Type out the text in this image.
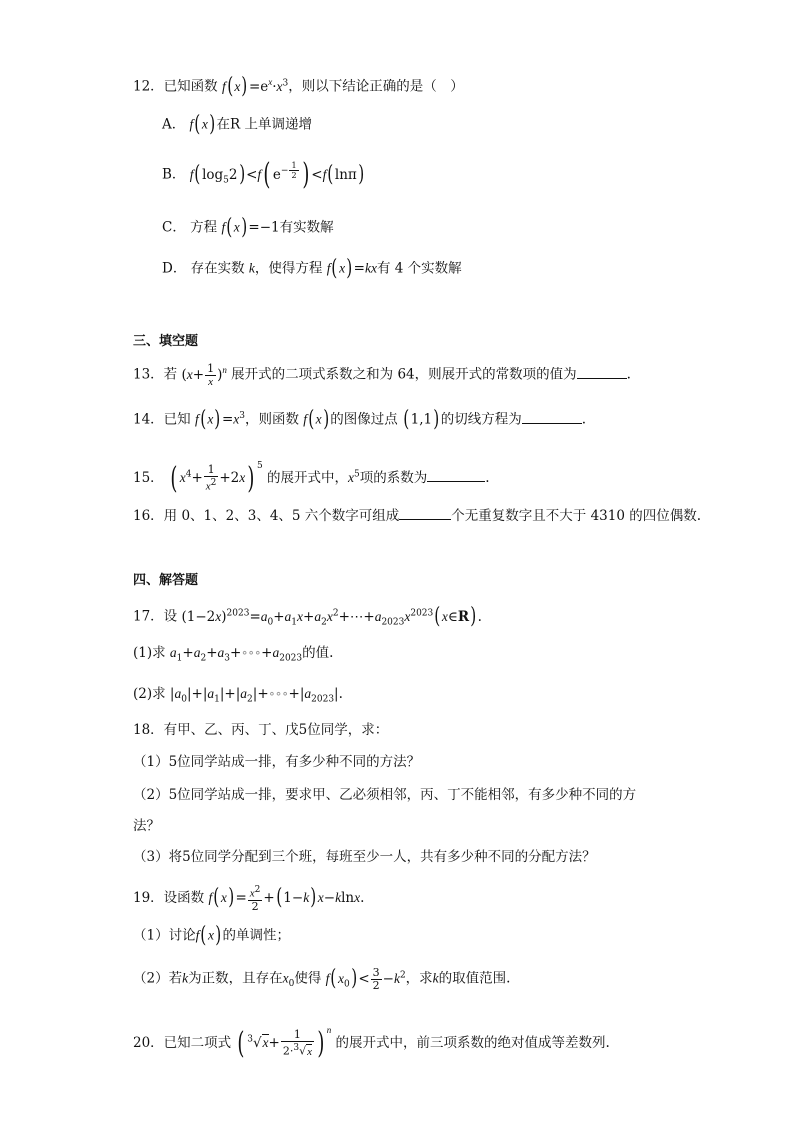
12．已知函数 $f(x)=e^x\cdot x^3$，则以下结论正确的是（　）
A． f(x)在R 上单调递增
B． $f(\log_52)<f$( $e^{- \frac{1}{2}}$ ) <f(lnπ)
C． 方程 f(x)=−1有实数解
D． 存在实数 k，使得方程 f(x)=kx有 4 个实数解
三、填空题
13．若 $(x+ \frac{1}{x} )^n$ 展开式的二项式系数之和为 64，则展开式的常数项的值为	.
14．已知 $f(x)=x^3$，则函数 f(x)的图像过点 (1,1)的切线方程为	.
15． ( $x^4+ \frac{1}{x^2} +2x$) $^5$ 的展开式中，$x^5$项的系数为	.
16．用 0、1、2、3、4、5 六个数字可组成	个无重复数字且不大于 4310 的四位偶数.
四、解答题
17．设 $(1-2x)^{2023}=a_0+a_1x+a_2x^2+\cdots+a_{2023}x^{2023}(x\in R)$.
(1)求 $a_1+a_2+a_3+\circ\circ\circ+a_{2023}$的值.
(2)求 $|a_0|+|a_1|+|a_2|+\circ\circ\circ+|a_{2023}|$.
18．有甲、乙、丙、丁、戊5位同学，求：
（1）5位同学站成一排，有多少种不同的方法？
（2）5位同学站成一排，要求甲、乙必须相邻，丙、丁不能相邻，有多少种不同的方
法？
（3）将5位同学分配到三个班，每班至少一人，共有多少种不同的分配方法？
19．设函数 $f(x)= \frac{x^2}{2} +(1-k)x-klnx$.
（1）讨论f(x)的单调性；
（2）若k为正数，且存在$x_0$使得 $f(x_0)< \frac{3}{2} -k^2$，求k的取值范围.
20．已知二项式 ( $^3√x+ \frac{1}{2\cdot^3√x}$ ) $^n$ 的展开式中，前三项系数的绝对值成等差数列.
